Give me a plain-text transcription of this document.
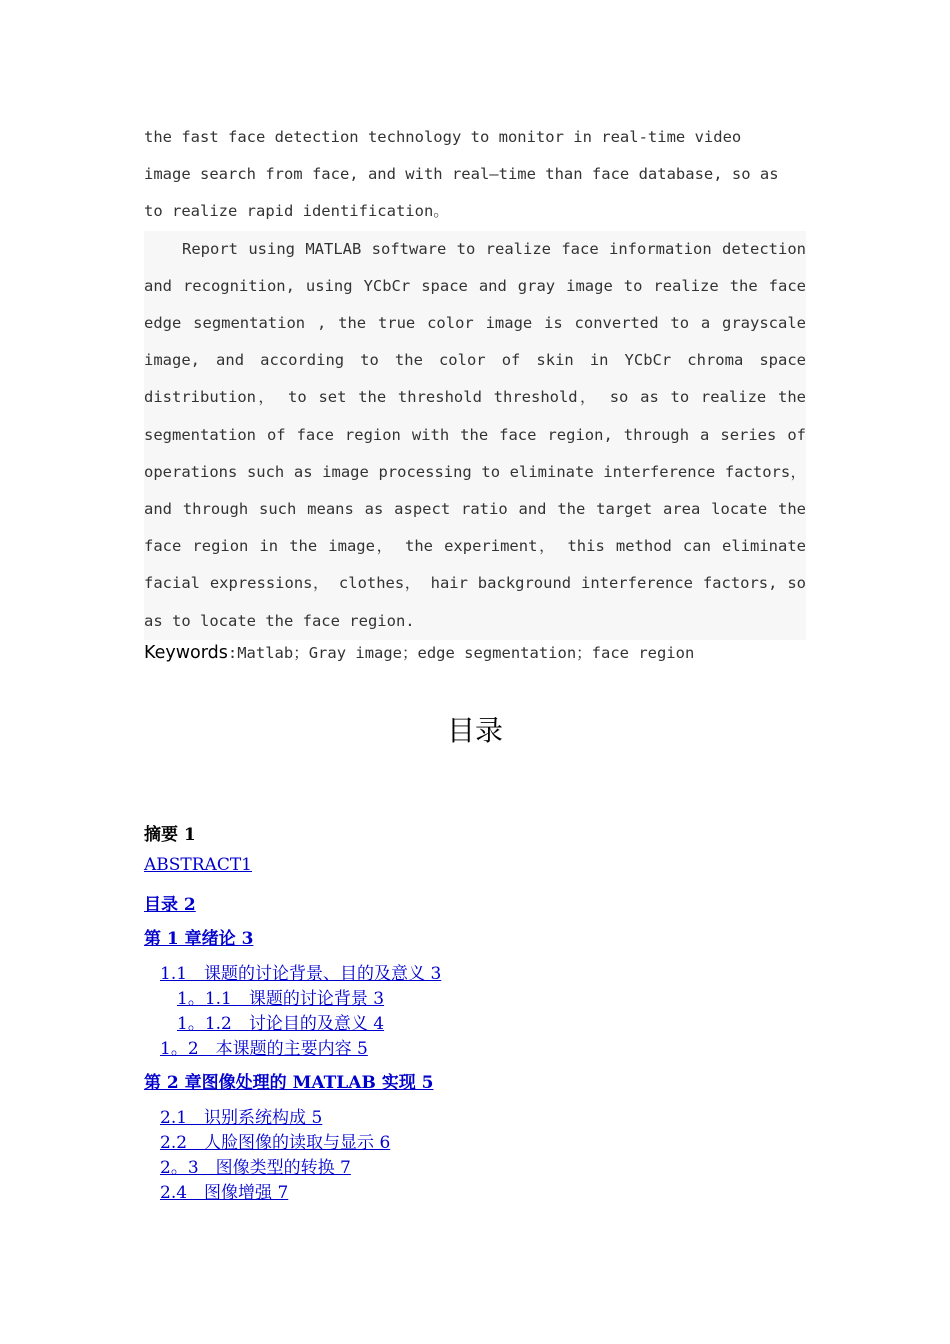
the fast face detection technology to monitor in real-time video
image search from face, and with real—time than face database, so as
to realize rapid identification。

Report using MATLAB software to realize face information detection and recognition, using YCbCr space and gray image to realize the face edge segmentation , the true color image is converted to a grayscale image, and according to the color of skin in YCbCr chroma space distribution， to set the threshold threshold， so as to realize the segmentation of face region with the face region, through a series of operations such as image processing to eliminate interference factors， and through such means as aspect ratio and the target area locate the face region in the image， the experiment， this method can eliminate facial expressions， clothes， hair background interference factors, so as to locate the face region.

Keywords:Matlab；Gray image；edge segmentation；face region
目录
摘要 1
ABSTRACT1
目录 2
第 1 章绪论 3
1.1　课题的讨论背景、目的及意义 3
1。1.1　课题的讨论背景 3
1。1.2　讨论目的及意义 4
1。2　本课题的主要内容 5
第 2 章图像处理的 MATLAB 实现 5
2.1　识别系统构成 5
2.2　人脸图像的读取与显示 6
2。3　图像类型的转换 7
2.4　图像增强 7
